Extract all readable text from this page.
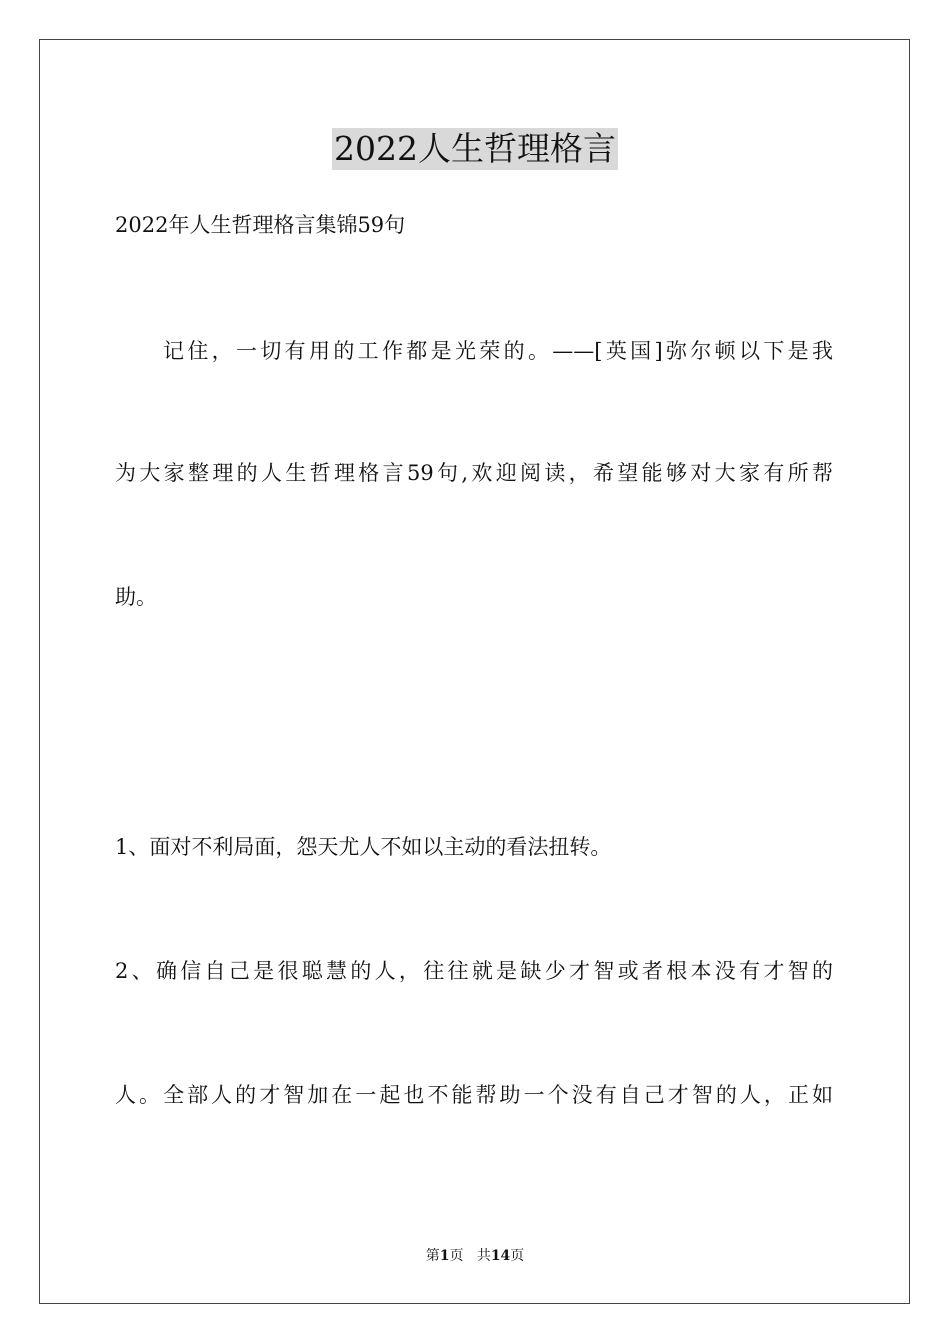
2022人生哲理格言
2022年人生哲理格言集锦59句
记住，一切有用的工作都是光荣的。——[英国]弥尔顿以下是我
为大家整理的人生哲理格言59句,欢迎阅读，希望能够对大家有所帮
助。
1、面对不利局面，怨天尤人不如以主动的看法扭转。
2、确信自己是很聪慧的人，往往就是缺少才智或者根本没有才智的
人。全部人的才智加在一起也不能帮助一个没有自己才智的人，正如
第1页 共14页
